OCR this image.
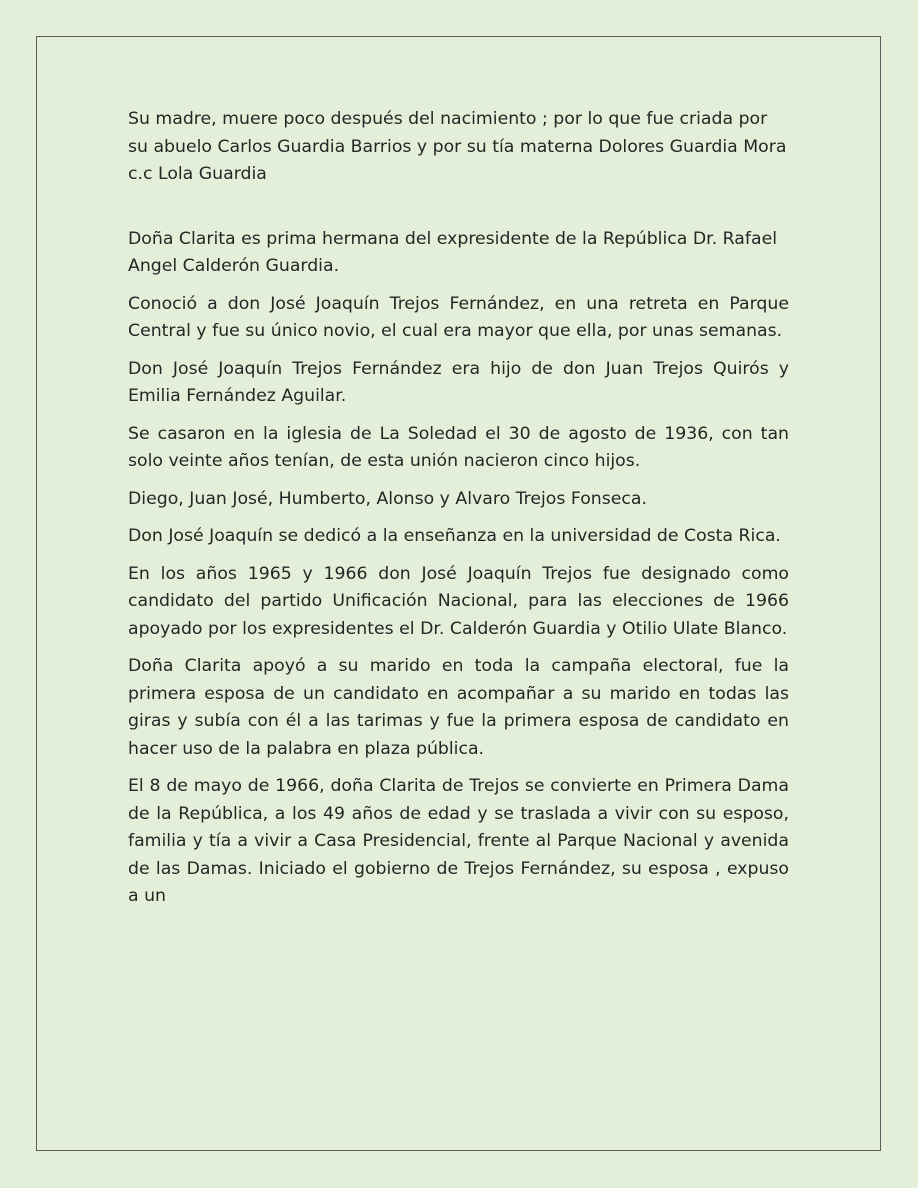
Su madre, muere poco después del nacimiento ; por lo que fue criada por su abuelo Carlos Guardia Barrios y por su tía materna Dolores Guardia Mora c.c Lola Guardia

Doña Clarita es prima hermana del expresidente de la República Dr. Rafael Angel Calderón Guardia.

Conoció a don José Joaquín Trejos Fernández, en una retreta en Parque Central y fue su único novio, el cual era mayor que ella, por unas semanas.

Don José Joaquín Trejos Fernández era hijo de don Juan Trejos Quirós y Emilia Fernández Aguilar.

Se casaron en la iglesia de La Soledad el 30 de agosto de 1936, con tan solo veinte años tenían, de esta unión nacieron cinco hijos.

Diego, Juan José, Humberto, Alonso y Alvaro Trejos Fonseca.

Don José Joaquín se dedicó a la enseñanza en la universidad de Costa Rica.

En los años 1965 y 1966 don José Joaquín Trejos fue designado como candidato del partido Unificación Nacional, para las elecciones de 1966 apoyado por los expresidentes el Dr. Calderón Guardia y Otilio Ulate Blanco.

Doña Clarita apoyó a su marido en toda la campaña electoral, fue la primera esposa de un candidato en acompañar a su marido en todas las giras y subía con él a las tarimas y fue la primera esposa de candidato en hacer uso de la palabra en plaza pública.

El 8 de mayo de 1966, doña Clarita de Trejos se convierte en Primera Dama de la República, a los 49 años de edad y se traslada a vivir con su esposo, familia y tía a vivir a Casa Presidencial, frente al Parque Nacional y avenida de las Damas. Iniciado el gobierno de Trejos Fernández, su esposa , expuso a un
